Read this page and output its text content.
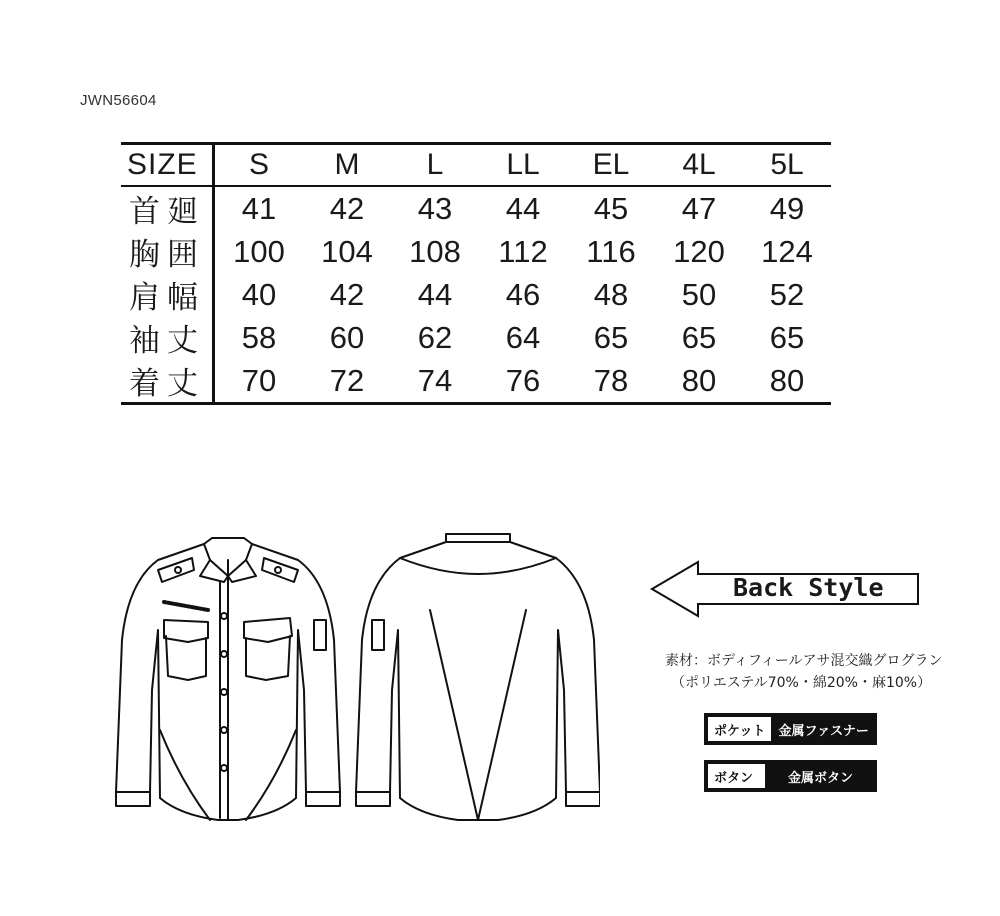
JWN56604
SIZE	S	M	L	LL	EL	4L	5L
首 廻	41	42	43	44	45	47	49
胸 囲	100	104	108	112	116	120	124
肩 幅	40	42	44	46	48	50	52
袖 丈	58	60	62	64	65	65	65
着 丈	70	72	74	76	78	80	80
Back Style
素材：ボディフィールアサ混交織グログラン
（ポリエステル70%・綿20%・麻10%）
ポケット	金属ファスナー
ボタン	金属ボタン
